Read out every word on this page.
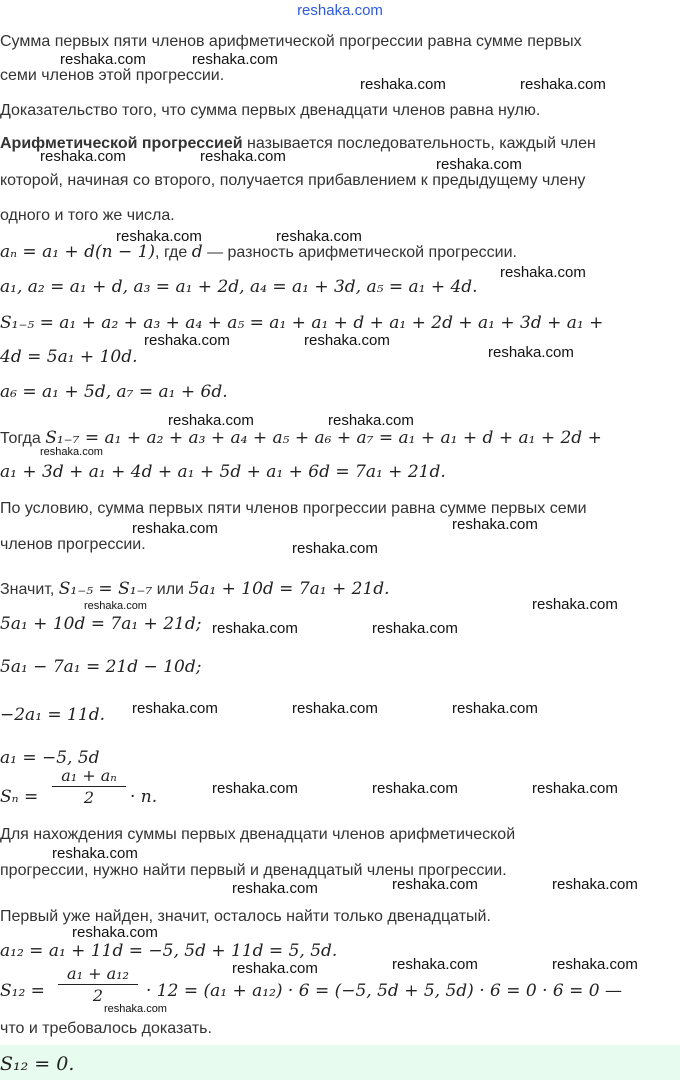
reshaka.com
Сумма первых пяти членов арифметической прогрессии равна сумме первых
семи членов этой прогрессии.
Доказательство того, что сумма первых двенадцати членов равна нулю.
Арифметической прогрессией называется последовательность, каждый член
которой, начиная со второго, получается прибавлением к предыдущему члену
одного и того же числа.
aₙ = a₁ + d(n − 1), где d — разность арифметической прогрессии.
a₁, a₂ = a₁ + d, a₃ = a₁ + 2d, a₄ = a₁ + 3d, a₅ = a₁ + 4d.
S₁₋₅ = a₁ + a₂ + a₃ + a₄ + a₅ = a₁ + a₁ + d + a₁ + 2d + a₁ + 3d + a₁ +
4d = 5a₁ + 10d.
a₆ = a₁ + 5d, a₇ = a₁ + 6d.
Тогда S₁₋₇ = a₁ + a₂ + a₃ + a₄ + a₅ + a₆ + a₇ = a₁ + a₁ + d + a₁ + 2d +
a₁ + 3d + a₁ + 4d + a₁ + 5d + a₁ + 6d = 7a₁ + 21d.
По условию, сумма первых пяти членов прогрессии равна сумме первых семи
членов прогрессии.
Значит, S₁₋₅ = S₁₋₇ или 5a₁ + 10d = 7a₁ + 21d.
5a₁ + 10d = 7a₁ + 21d;
5a₁ − 7a₁ = 21d − 10d;
−2a₁ = 11d.
a₁ = −5, 5d
Sₙ =
a₁ + aₙ
2	· n.
Для нахождения суммы первых двенадцати членов арифметической
прогрессии, нужно найти первый и двенадцатый члены прогрессии.
Первый уже найден, значит, осталось найти только двенадцатый.
a₁₂ = a₁ + 11d = −5, 5d + 11d = 5, 5d.
S₁₂ =
a₁ + a₁₂
2	· 12 = (a₁ + a₁₂) · 6 = (−5, 5d + 5, 5d) · 6 = 0 · 6 = 0 —
что и требовалось доказать.
S₁₂ = 0.
reshaka.com	reshaka.com
reshaka.com	reshaka.com
reshaka.com	reshaka.com	reshaka.com
reshaka.com	reshaka.com
reshaka.com
reshaka.com	reshaka.com
reshaka.com
reshaka.com	reshaka.com
reshaka.com
reshaka.com
reshaka.com
reshaka.com
reshaka.com
reshaka.com
reshaka.com	reshaka.com
reshaka.com	reshaka.com	reshaka.com
reshaka.com	reshaka.com	reshaka.com
reshaka.com
reshaka.com	reshaka.com	reshaka.com
reshaka.com
reshaka.com	reshaka.com	reshaka.com
reshaka.com
